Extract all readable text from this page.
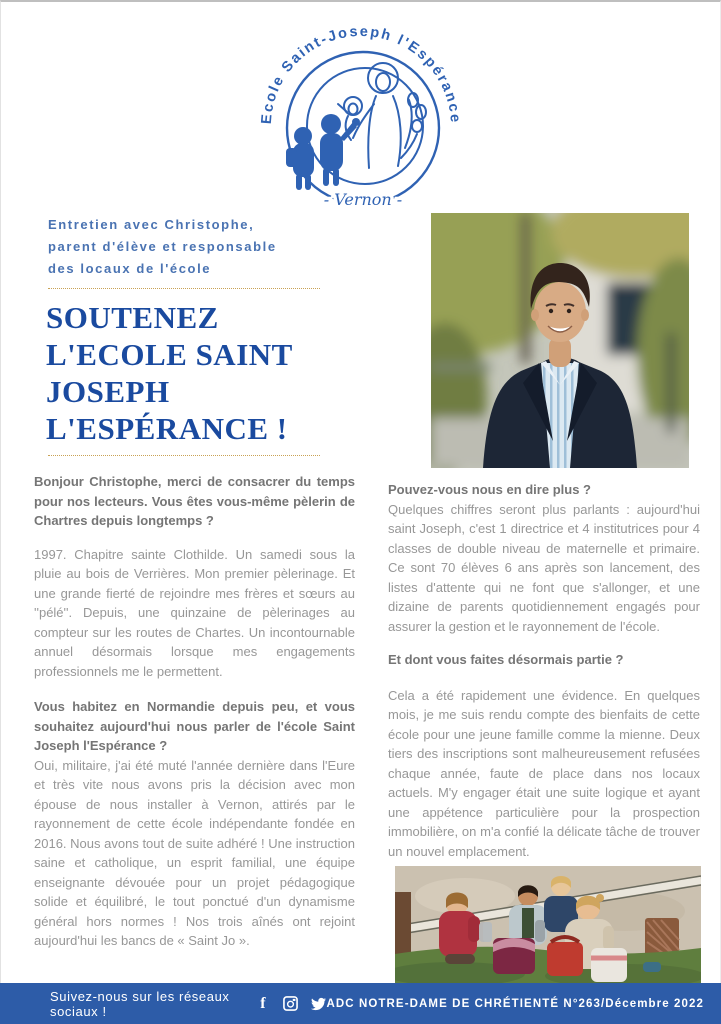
Ecole Saint-Joseph l'Espérance
- Vernon -
Entretien avec Christophe,
parent d'élève et responsable
des locaux de l'école
SOUTENEZ
L'ECOLE SAINT
JOSEPH
L'ESPÉRANCE !

Bonjour Christophe, merci de consacrer du temps pour nos lecteurs. Vous êtes vous-même pèlerin de Chartres depuis longtemps ?

1997. Chapitre sainte Clothilde. Un samedi sous la pluie au bois de Verrières. Mon premier pèlerinage. Et une grande fierté de rejoindre mes frères et sœurs au ''pélé''. Depuis, une quinzaine de pèlerinages au compteur sur les routes de Chartes. Un incontournable annuel désormais lorsque mes engagements professionnels me le permettent.

Vous habitez en Normandie depuis peu, et vous souhaitez aujourd'hui nous parler de l'école Saint Joseph l'Espérance ?

Oui, militaire, j'ai été muté l'année dernière dans l'Eure et très vite nous avons pris la décision avec mon épouse de nous installer à Vernon, attirés par le rayonnement de cette école indépendante fondée en 2016. Nous avons tout de suite adhéré ! Une instruction saine et catholique, un esprit familial, une équipe enseignante dévouée pour un projet pédagogique solide et équilibré, le tout ponctué d'un dynamisme général hors normes ! Nos trois aînés ont rejoint aujourd'hui les bancs de « Saint Jo ».

Pouvez-vous nous en dire plus ?

Quelques chiffres seront plus parlants : aujourd'hui saint Joseph, c'est 1 directrice et 4 institutrices pour 4 classes de double niveau de maternelle et primaire. Ce sont 70 élèves 6 ans après son lancement, des listes d'attente qui ne font que s'allonger, et une dizaine de parents quotidiennement engagés pour assurer la gestion et le rayonnement de l'école.

Et dont vous faites désormais partie ?

Cela a été rapidement une évidence. En quelques mois, je me suis rendu compte des bienfaits de cette école pour une jeune famille comme la mienne. Deux tiers des inscriptions sont malheureusement refusées chaque année, faute de place dans nos locaux actuels. M'y engager était une suite logique et ayant une appétence particulière pour la prospection immobilière, on m'a confié la délicate tâche de trouver un nouvel emplacement.

Suivez-nous sur les réseaux sociaux !	f	ADC NOTRE-DAME DE CHRÉTIENTÉ N°263/Décembre 2022
